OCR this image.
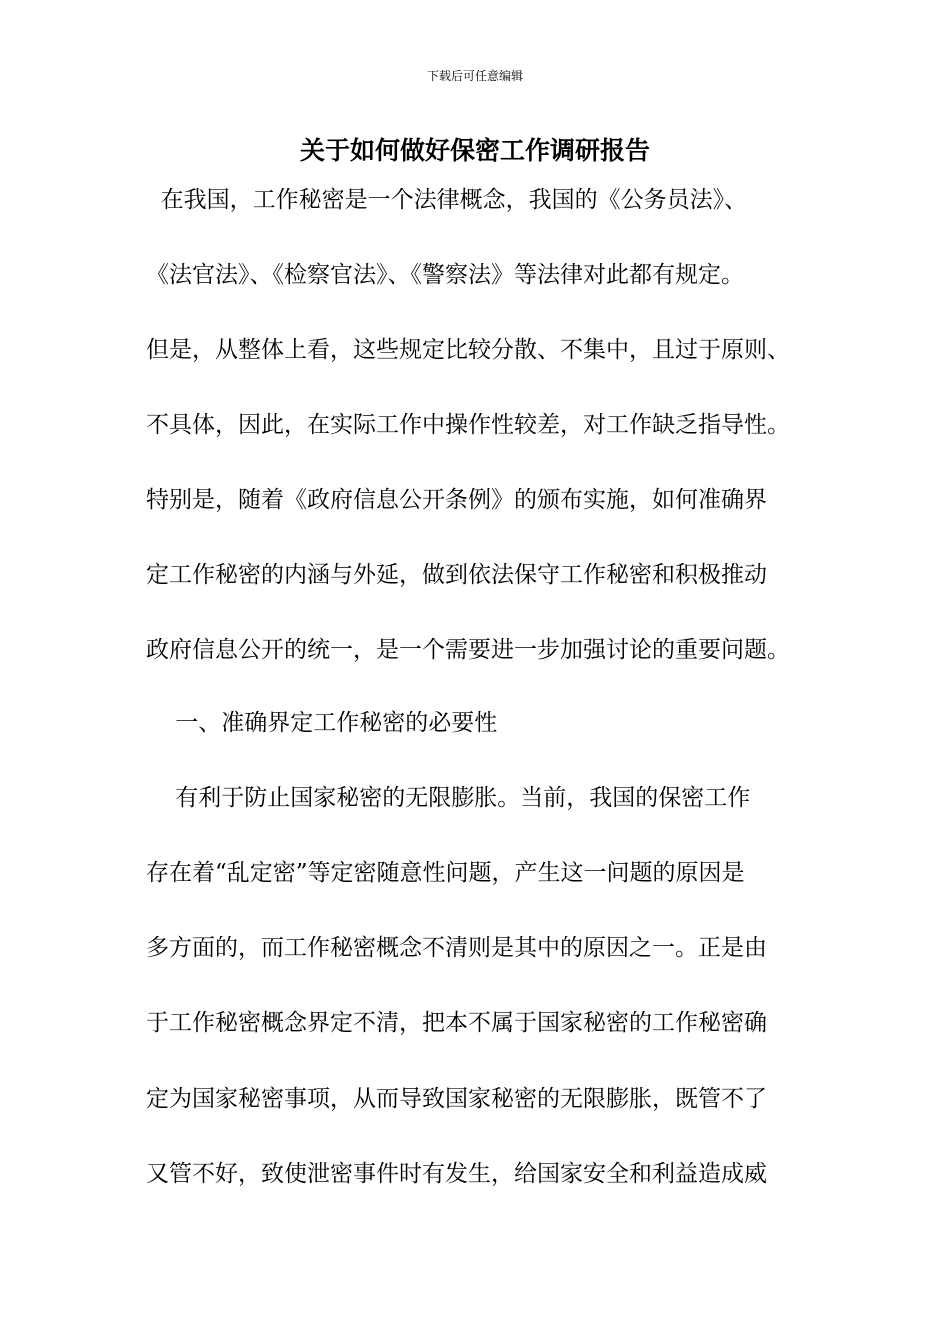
下载后可任意编辑
关于如何做好保密工作调研报告
在我国，工作秘密是一个法律概念，我国的《公务员法》、
《法官法》、《检察官法》、《警察法》等法律对此都有规定。
但是，从整体上看，这些规定比较分散、不集中，且过于原则、
不具体，因此，在实际工作中操作性较差，对工作缺乏指导性。
特别是，随着《政府信息公开条例》的颁布实施，如何准确界
定工作秘密的内涵与外延，做到依法保守工作秘密和积极推动
政府信息公开的统一，是一个需要进一步加强讨论的重要问题。
一、准确界定工作秘密的必要性
有利于防止国家秘密的无限膨胀。当前，我国的保密工作
存在着“乱定密”等定密随意性问题，产生这一问题的原因是
多方面的，而工作秘密概念不清则是其中的原因之一。正是由
于工作秘密概念界定不清，把本不属于国家秘密的工作秘密确
定为国家秘密事项，从而导致国家秘密的无限膨胀，既管不了
又管不好，致使泄密事件时有发生，给国家安全和利益造成威
